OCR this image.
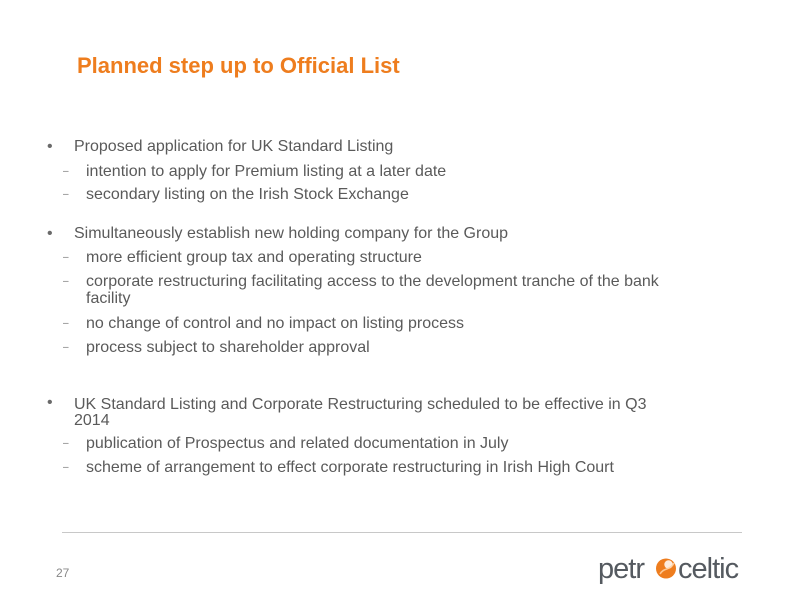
Planned step up to Official List
• Proposed application for UK Standard Listing
– intention to apply for Premium listing at a later date
– secondary listing on the Irish Stock Exchange
• Simultaneously establish new holding company for the Group
– more efficient group tax and operating structure
– corporate restructuring facilitating access to the development tranche of the bank
facility
– no change of control and no impact on listing process
– process subject to shareholder approval
• UK Standard Listing and Corporate Restructuring scheduled to be effective in Q3
2014
– publication of Prospectus and related documentation in July
– scheme of arrangement to effect corporate restructuring in Irish High Court
27	petr celtic
